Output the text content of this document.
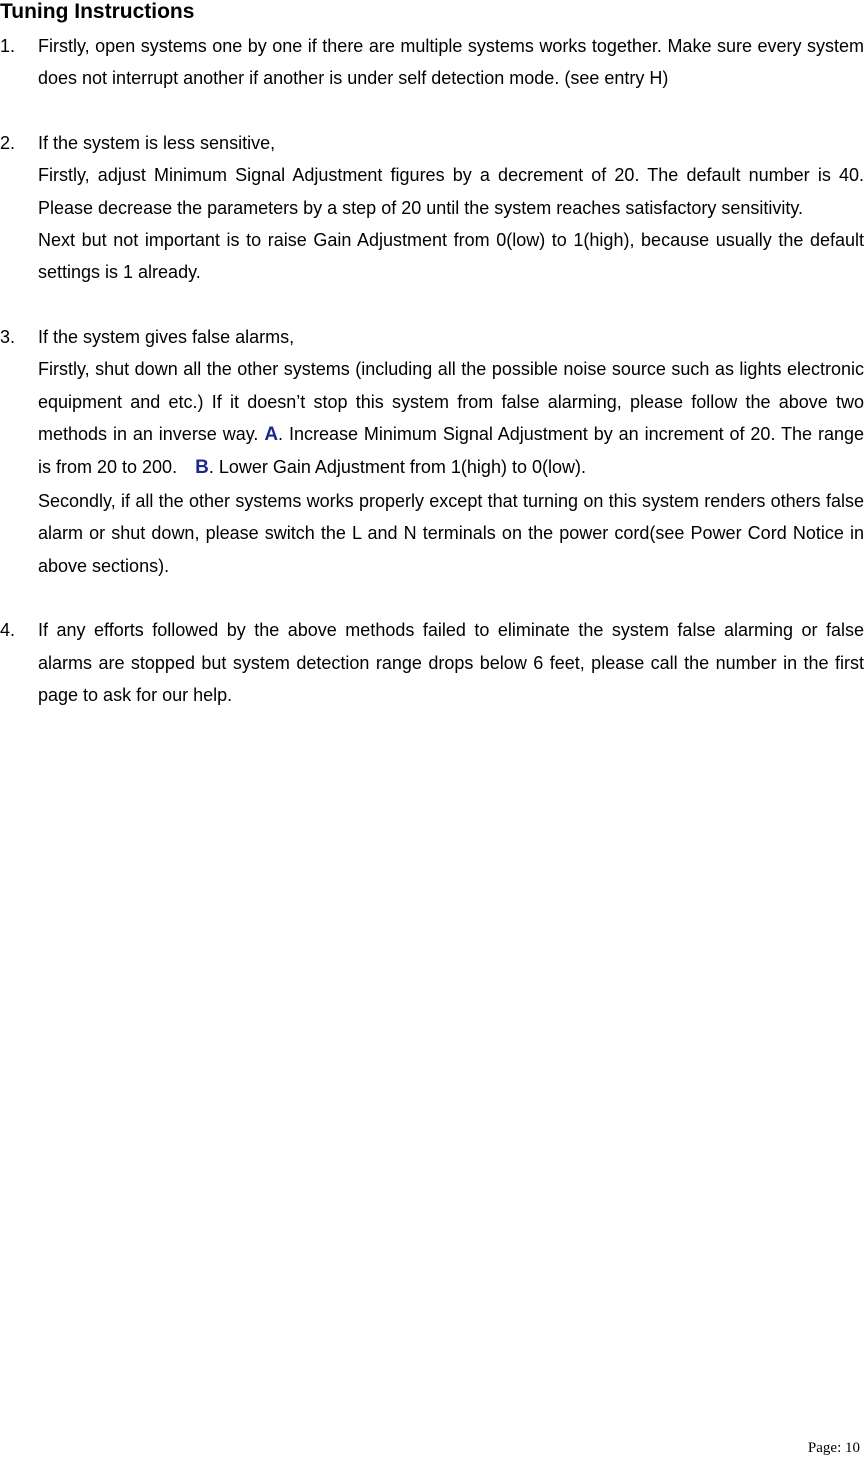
Tuning Instructions
1. Firstly, open systems one by one if there are multiple systems works together. Make sure every system does not interrupt another if another is under self detection mode. (see entry H)

2. If the system is less sensitive,

Firstly, adjust Minimum Signal Adjustment figures by a decrement of 20. The default number is 40. Please decrease the parameters by a step of 20 until the system reaches satisfactory sensitivity.

Next but not important is to raise Gain Adjustment from 0(low) to 1(high), because usually the default settings is 1 already.

3. If the system gives false alarms,

Firstly, shut down all the other systems (including all the possible noise source such as lights electronic equipment and etc.) If it doesn’t stop this system from false alarming, please follow the above two methods in an inverse way. A. Increase Minimum Signal Adjustment by an increment of 20. The range is from 20 to 200.　B. Lower Gain Adjustment from 1(high) to 0(low).

Secondly, if all the other systems works properly except that turning on this system renders others false alarm or shut down, please switch the L and N terminals on the power cord(see Power Cord Notice in above sections).

4. If any efforts followed by the above methods failed to eliminate the system false alarming or false alarms are stopped but system detection range drops below 6 feet, please call the number in the first page to ask for our help.

Page: 10
